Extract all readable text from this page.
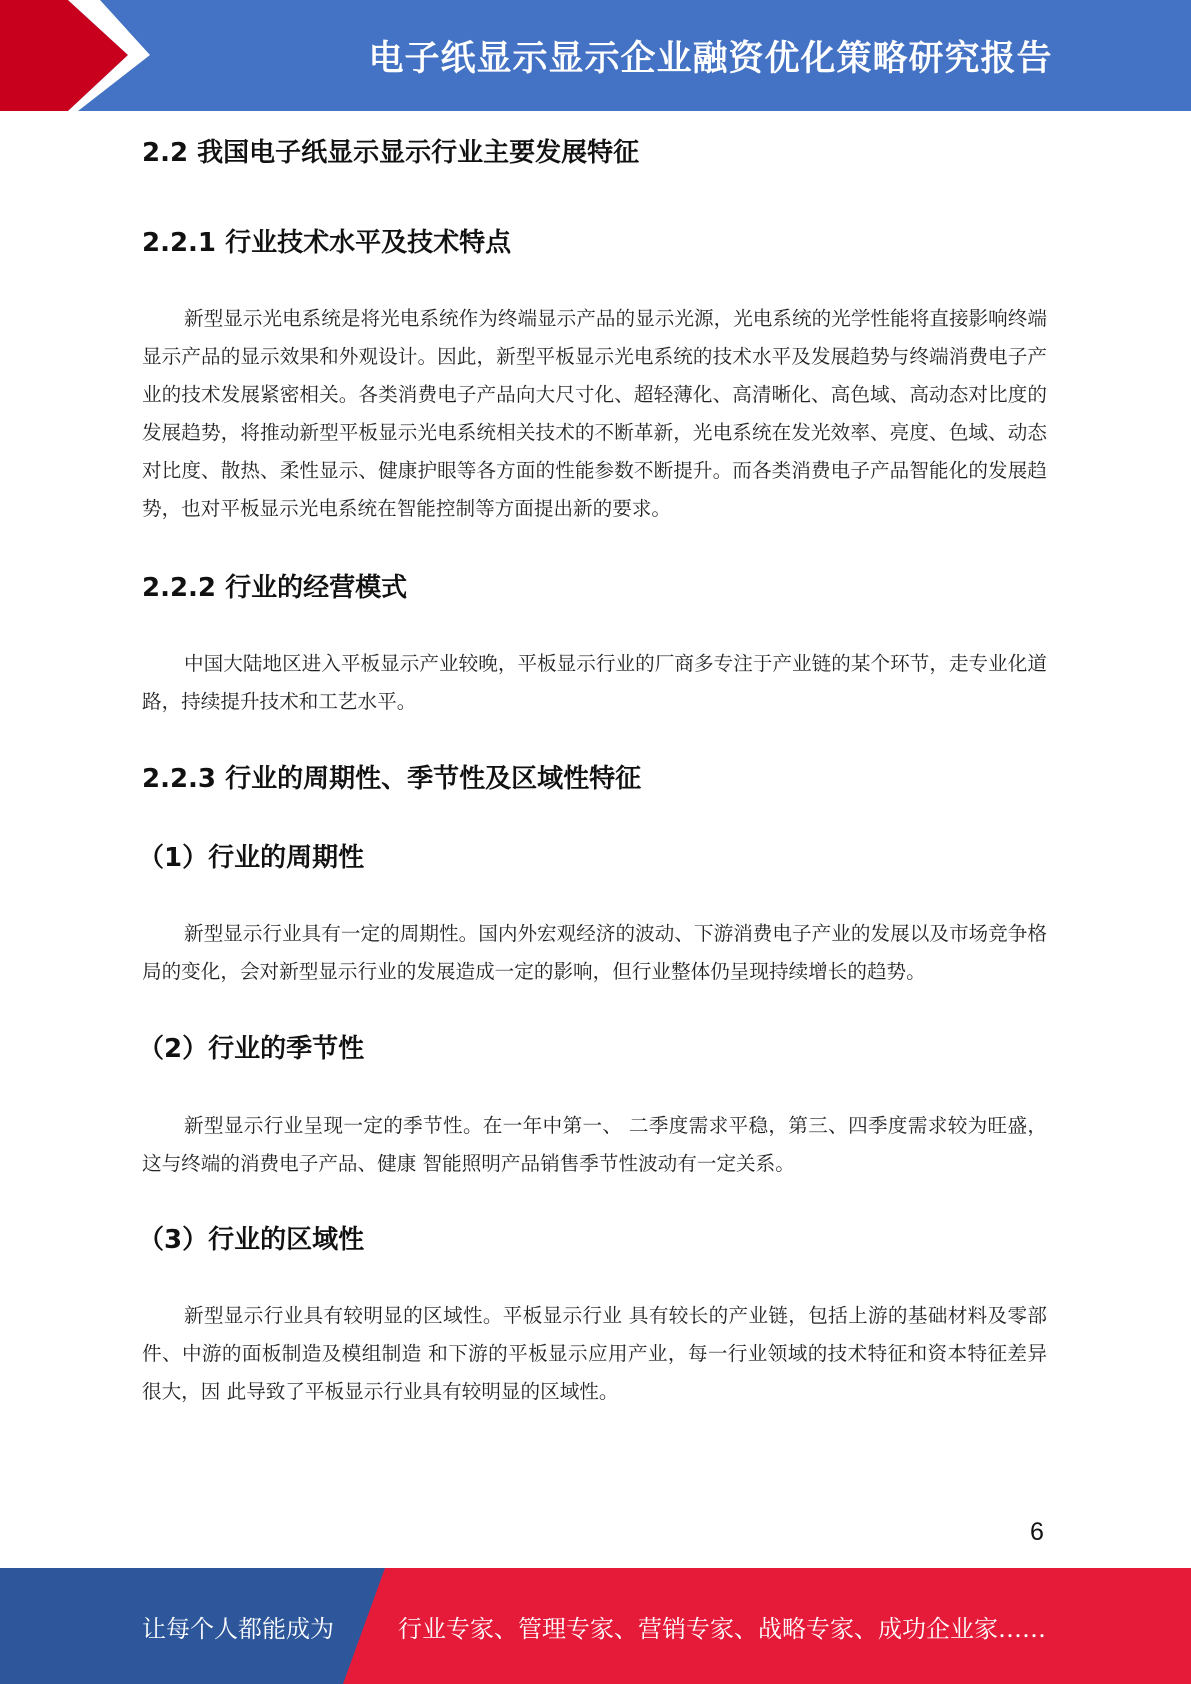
电子纸显示显示企业融资优化策略研究报告
2.2 我国电子纸显示显示行业主要发展特征
2.2.1 行业技术水平及技术特点

新型显示光电系统是将光电系统作为终端显示产品的显示光源，光电系统的光学性能将直接影响终端显示产品的显示效果和外观设计。因此，新型平板显示光电系统的技术水平及发展趋势与终端消费电子产业的技术发展紧密相关。各类消费电子产品向大尺寸化、超轻薄化、高清晰化、高色域、高动态对比度的发展趋势，将推动新型平板显示光电系统相关技术的不断革新，光电系统在发光效率、亮度、色域、动态对比度、散热、柔性显示、健康护眼等各方面的性能参数不断提升。而各类消费电子产品智能化的发展趋势，也对平板显示光电系统在智能控制等方面提出新的要求。

2.2.2 行业的经营模式

中国大陆地区进入平板显示产业较晚，平板显示行业的厂商多专注于产业链的某个环节，走专业化道路，持续提升技术和工艺水平。

2.2.3 行业的周期性、季节性及区域性特征
（1）行业的周期性

新型显示行业具有一定的周期性。国内外宏观经济的波动、下游消费电子产业的发展以及市场竞争格局的变化，会对新型显示行业的发展造成一定的影响，但行业整体仍呈现持续增长的趋势。

（2）行业的季节性

新型显示行业呈现一定的季节性。在一年中第一、 二季度需求平稳，第三、四季度需求较为旺盛，这与终端的消费电子产品、健康 智能照明产品销售季节性波动有一定关系。

（3）行业的区域性

新型显示行业具有较明显的区域性。平板显示行业 具有较长的产业链，包括上游的基础材料及零部件、中游的面板制造及模组制造 和下游的平板显示应用产业，每一行业领域的技术特征和资本特征差异很大，因 此导致了平板显示行业具有较明显的区域性。

6
让每个人都能成为	行业专家、管理专家、营销专家、战略专家、成功企业家……
